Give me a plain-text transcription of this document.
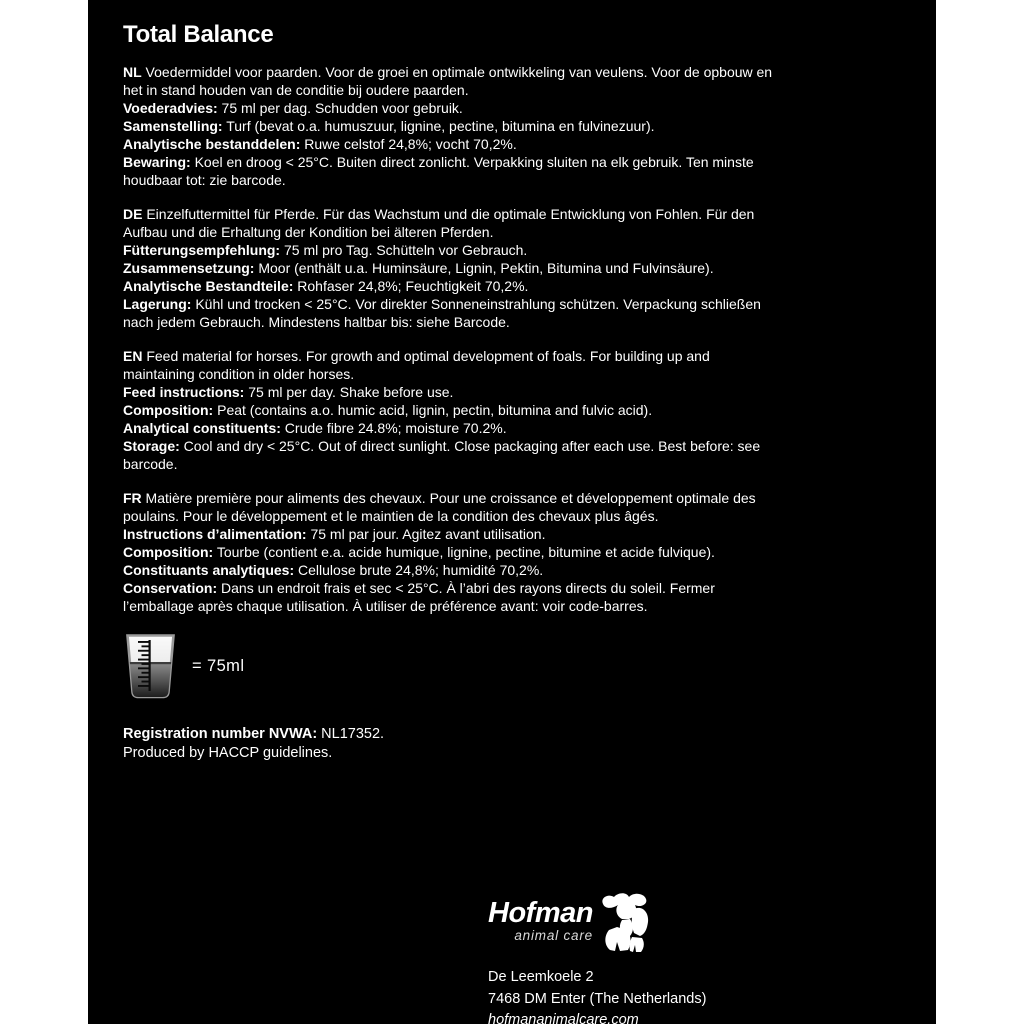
Total Balance

NL Voedermiddel voor paarden. Voor de groei en optimale ontwikkeling van veulens. Voor de opbouw en het in stand houden van de conditie bij oudere paarden.

Voederadvies: 75 ml per dag. Schudden voor gebruik.

Samenstelling: Turf (bevat o.a. humuszuur, lignine, pectine, bitumina en fulvinezuur).

Analytische bestanddelen: Ruwe celstof 24,8%; vocht 70,2%.

Bewaring: Koel en droog < 25°C. Buiten direct zonlicht. Verpakking sluiten na elk gebruik. Ten minste houdbaar tot: zie barcode.

DE Einzelfuttermittel für Pferde. Für das Wachstum und die optimale Entwicklung von Fohlen. Für den Aufbau und die Erhaltung der Kondition bei älteren Pferden.

Fütterungsempfehlung: 75 ml pro Tag. Schütteln vor Gebrauch.

Zusammensetzung: Moor (enthält u.a. Huminsäure, Lignin, Pektin, Bitumina und Fulvinsäure).

Analytische Bestandteile: Rohfaser 24,8%; Feuchtigkeit 70,2%.

Lagerung: Kühl und trocken < 25°C. Vor direkter Sonneneinstrahlung schützen. Verpackung schließen nach jedem Gebrauch. Mindestens haltbar bis: siehe Barcode.

EN Feed material for horses. For growth and optimal development of foals. For building up and maintaining condition in older horses.

Feed instructions: 75 ml per day. Shake before use.

Composition: Peat (contains a.o. humic acid, lignin, pectin, bitumina and fulvic acid).

Analytical constituents: Crude fibre 24.8%; moisture 70.2%.

Storage: Cool and dry < 25°C. Out of direct sunlight. Close packaging after each use. Best before: see barcode.

FR Matière première pour aliments des chevaux. Pour une croissance et développement optimale des poulains. Pour le développement et le maintien de la condition des chevaux plus âgés.

Instructions d’alimentation: 75 ml par jour. Agitez avant utilisation.

Composition: Tourbe (contient e.a. acide humique, lignine, pectine, bitumine et acide fulvique).

Constituants analytiques: Cellulose brute 24,8%; humidité 70,2%.

Conservation: Dans un endroit frais et sec < 25°C. À l’abri des rayons directs du soleil. Fermer l’emballage après chaque utilisation. À utiliser de préférence avant: voir code-barres.

= 75ml

Registration number NVWA: NL17352.

Produced by HACCP guidelines.

Hofman
animal care

De Leemkoele 2

7468 DM Enter (The Netherlands)

hofmananimalcare.com
